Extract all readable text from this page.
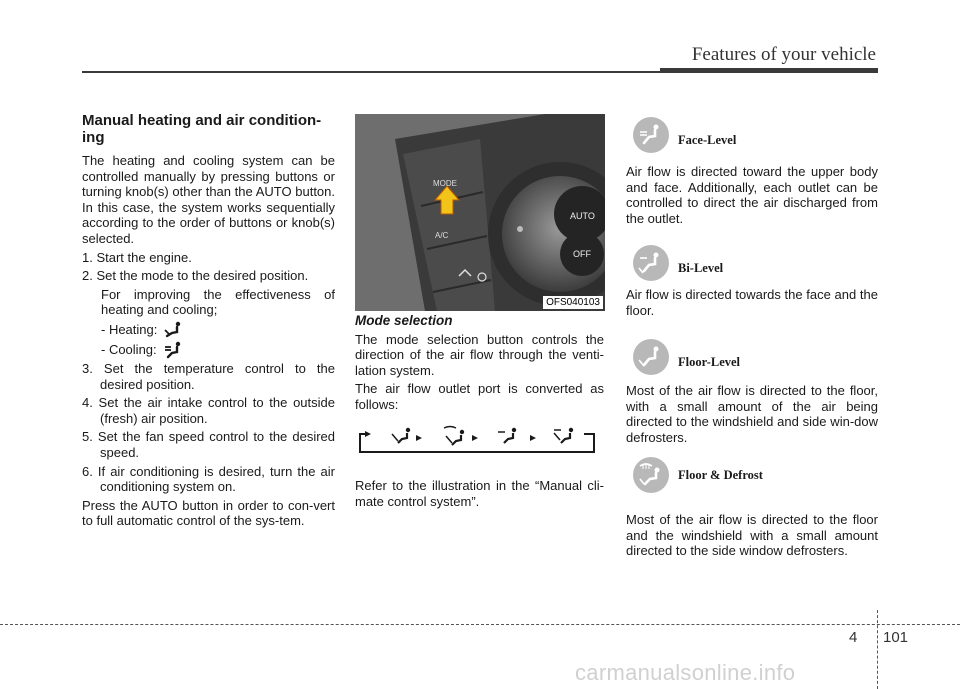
Features of your vehicle
Manual heating and air condition-ing

The heating and cooling system can be controlled manually by pressing buttons or turning knob(s) other than the AUTO button. In this case, the system works sequentially according to the order of buttons or knob(s) selected.

1. Start the engine.

2. Set the mode to the desired position.

For improving the effectiveness of heating and cooling;

- Heating:
- Cooling:

3. Set the temperature control to the desired position.

4. Set the air intake control to the outside (fresh) air position.

5. Set the fan speed control to the desired speed.

6. If air conditioning is desired, turn the air conditioning system on.

Press the AUTO button in order to con-vert to full automatic control of the sys-tem.

MODE
A/C
AUTO
OFF
OFS040103

Mode selection

The mode selection button controls the direction of the air flow through the venti-lation system.

The air flow outlet port is converted as follows:

Refer to the illustration in the “Manual cli-mate control system”.

Face-Level

Air flow is directed toward the upper body and face. Additionally, each outlet can be controlled to direct the air discharged from the outlet.

Bi-Level

Air flow is directed towards the face and the floor.

Floor-Level

Most of the air flow is directed to the floor, with a small amount of the air being directed to the windshield and side win-dow defrosters.

Floor & Defrost

Most of the air flow is directed to the floor and the windshield with a small amount directed to the side window defrosters.

4 101
carmanualsonline.info
